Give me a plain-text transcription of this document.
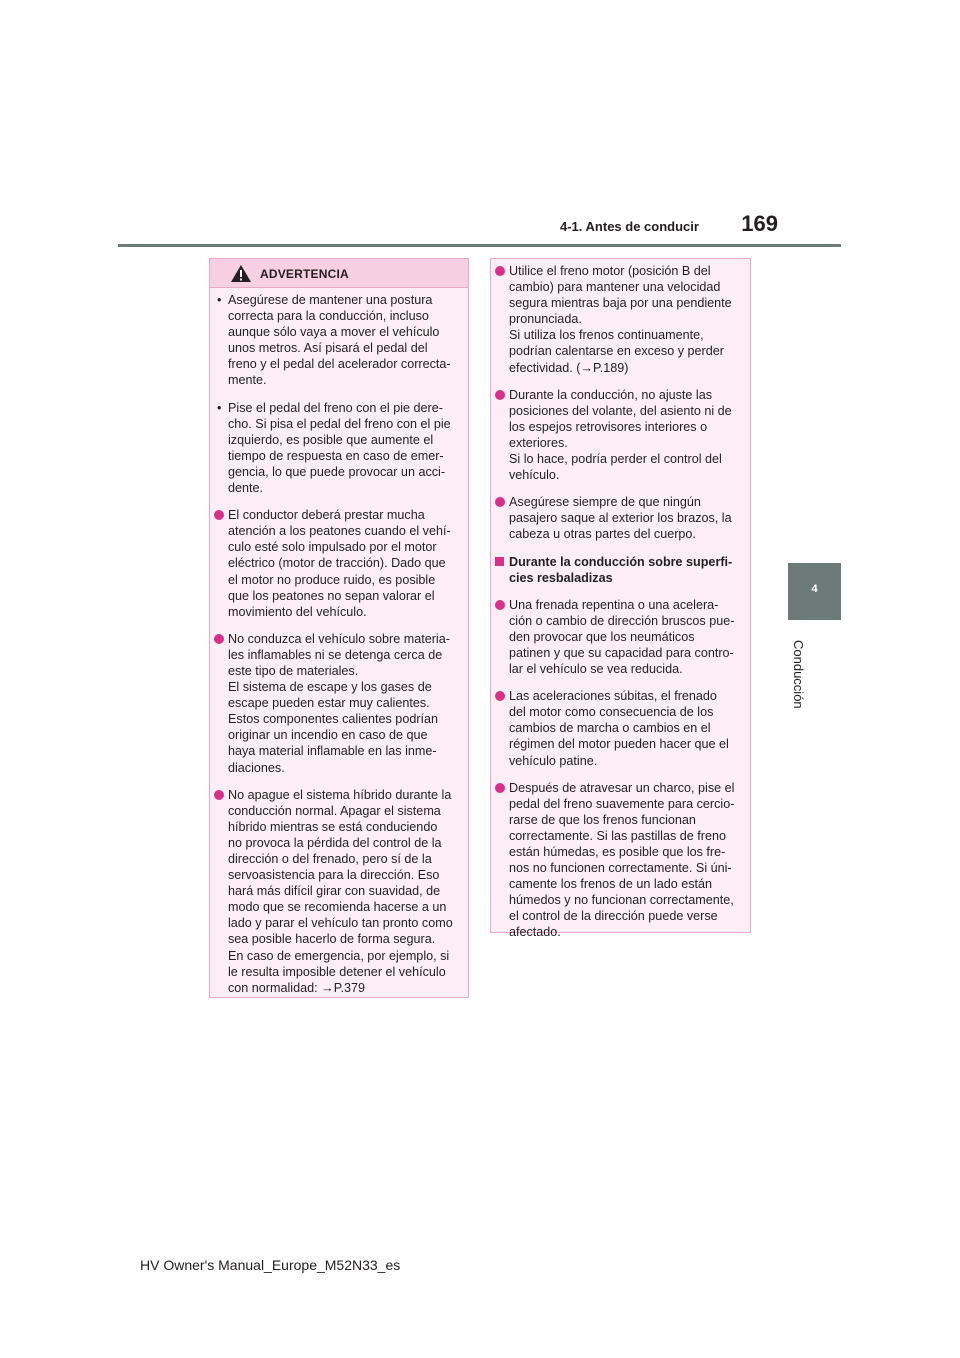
4-1. Antes de conducir	169
4
Conducción
ADVERTENCIA
• Asegúrese de mantener una postura
correcta para la conducción, incluso
aunque sólo vaya a mover el vehículo
unos metros. Así pisará el pedal del
freno y el pedal del acelerador correcta-
mente.
• Pise el pedal del freno con el pie dere-
cho. Si pisa el pedal del freno con el pie
izquierdo, es posible que aumente el
tiempo de respuesta en caso de emer-
gencia, lo que puede provocar un acci-
dente.
El conductor deberá prestar mucha
atención a los peatones cuando el vehí-
culo esté solo impulsado por el motor
eléctrico (motor de tracción). Dado que
el motor no produce ruido, es posible
que los peatones no sepan valorar el
movimiento del vehículo.
No conduzca el vehículo sobre materia-
les inflamables ni se detenga cerca de
este tipo de materiales.
El sistema de escape y los gases de
escape pueden estar muy calientes.
Estos componentes calientes podrían
originar un incendio en caso de que
haya material inflamable en las inme-
diaciones.
No apague el sistema híbrido durante la
conducción normal. Apagar el sistema
híbrido mientras se está conduciendo
no provoca la pérdida del control de la
dirección o del frenado, pero sí de la
servoasistencia para la dirección. Eso
hará más difícil girar con suavidad, de
modo que se recomienda hacerse a un
lado y parar el vehículo tan pronto como
sea posible hacerlo de forma segura.
En caso de emergencia, por ejemplo, si
le resulta imposible detener el vehículo
con normalidad: →P.379
Utilice el freno motor (posición B del
cambio) para mantener una velocidad
segura mientras baja por una pendiente
pronunciada.
Si utiliza los frenos continuamente,
podrían calentarse en exceso y perder
efectividad. (→P.189)
Durante la conducción, no ajuste las
posiciones del volante, del asiento ni de
los espejos retrovisores interiores o
exteriores.
Si lo hace, podría perder el control del
vehículo.
Asegúrese siempre de que ningún
pasajero saque al exterior los brazos, la
cabeza u otras partes del cuerpo.
Durante la conducción sobre superfi-
cies resbaladizas
Una frenada repentina o una acelera-
ción o cambio de dirección bruscos pue-
den provocar que los neumáticos
patinen y que su capacidad para contro-
lar el vehículo se vea reducida.
Las aceleraciones súbitas, el frenado
del motor como consecuencia de los
cambios de marcha o cambios en el
régimen del motor pueden hacer que el
vehículo patine.
Después de atravesar un charco, pise el
pedal del freno suavemente para cercio-
rarse de que los frenos funcionan
correctamente. Si las pastillas de freno
están húmedas, es posible que los fre-
nos no funcionen correctamente. Si úni-
camente los frenos de un lado están
húmedos y no funcionan correctamente,
el control de la dirección puede verse
afectado.
HV Owner's Manual_Europe_M52N33_es
